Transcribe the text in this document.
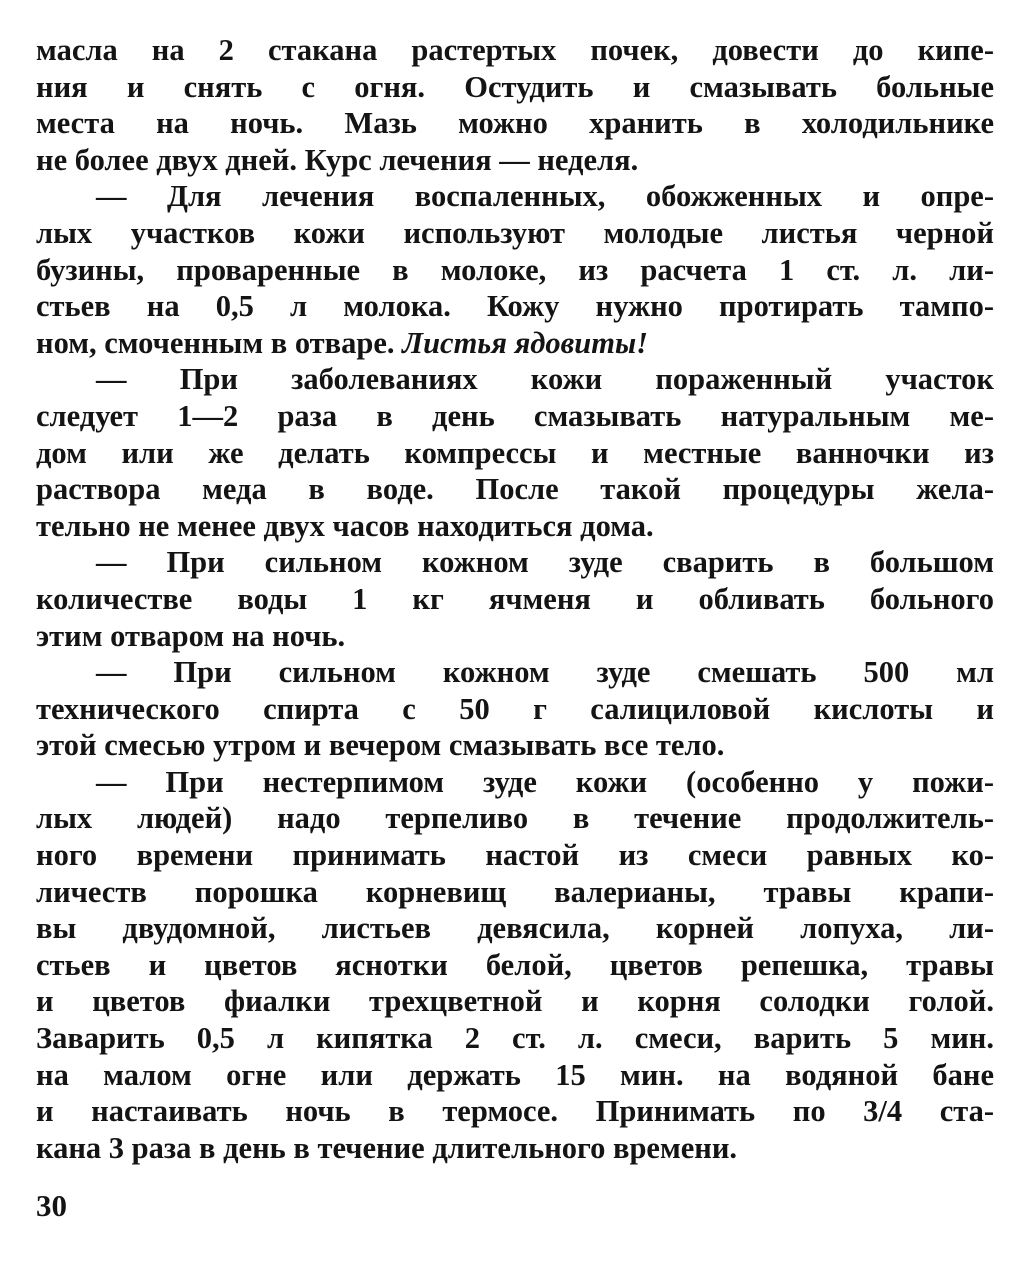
масла на 2 стакана растертых почек, довести до кипе-
ния и снять с огня. Остудить и смазывать больные
места на ночь. Мазь можно хранить в холодильнике
не более двух дней. Курс лечения — неделя.
— Для лечения воспаленных, обожженных и опре-
лых участков кожи используют молодые листья черной
бузины, проваренные в молоке, из расчета 1 ст. л. ли-
стьев на 0,5 л молока. Кожу нужно протирать тампо-
ном, смоченным в отваре. Листья ядовиты!
— При заболеваниях кожи пораженный участок
следует 1—2 раза в день смазывать натуральным ме-
дом или же делать компрессы и местные ванночки из
раствора меда в воде. После такой процедуры жела-
тельно не менее двух часов находиться дома.
— При сильном кожном зуде сварить в большом
количестве воды 1 кг ячменя и обливать больного
этим отваром на ночь.
— При сильном кожном зуде смешать 500 мл
технического спирта с 50 г салициловой кислоты и
этой смесью утром и вечером смазывать все тело.
— При нестерпимом зуде кожи (особенно у пожи-
лых людей) надо терпеливо в течение продолжитель-
ного времени принимать настой из смеси равных ко-
личеств порошка корневищ валерианы, травы крапи-
вы двудомной, листьев девясила, корней лопуха, ли-
стьев и цветов яснотки белой, цветов репешка, травы
и цветов фиалки трехцветной и корня солодки голой.
Заварить 0,5 л кипятка 2 ст. л. смеси, варить 5 мин.
на малом огне или держать 15 мин. на водяной бане
и настаивать ночь в термосе. Принимать по 3/4 ста-
кана 3 раза в день в течение длительного времени.
30
